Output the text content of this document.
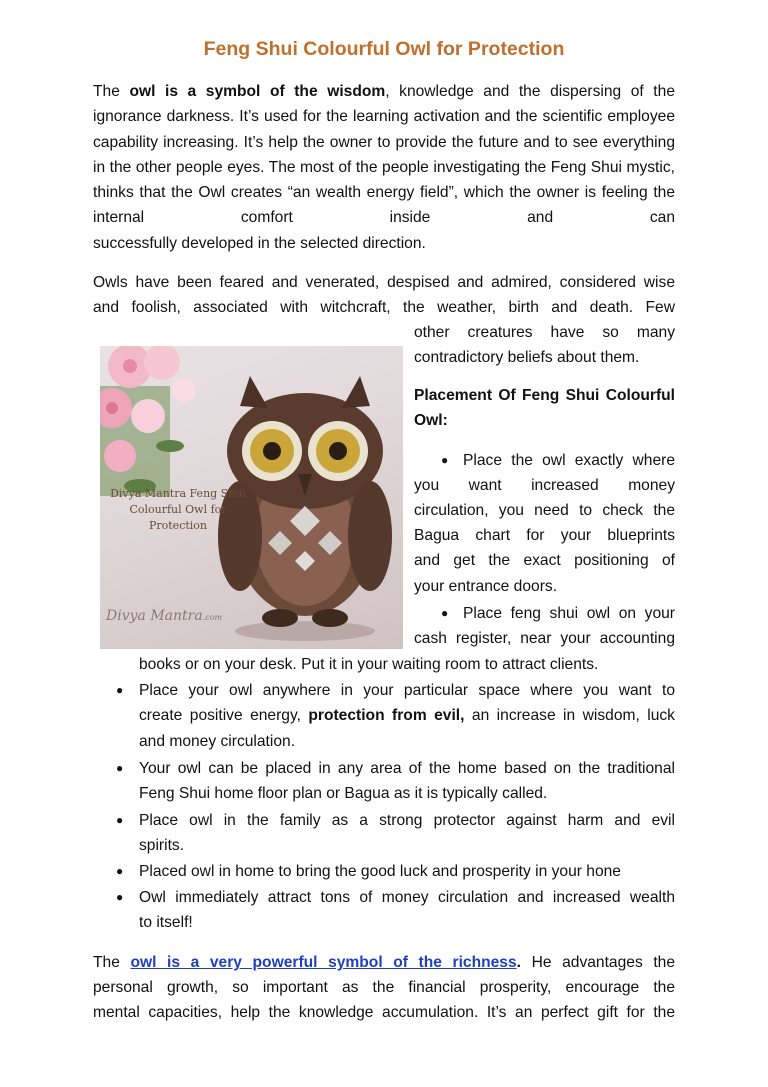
Feng Shui Colourful Owl for Protection

The owl is a symbol of the wisdom, knowledge and the dispersing of the ignorance darkness. It’s used for the learning activation and the scientific employee capability increasing. It’s help the owner to provide the future and to see everything in the other people eyes. The most of the people investigating the Feng Shui mystic, thinks that the Owl creates “an wealth energy field”, which the owner is feeling the internal comfort inside and can
successfully developed in the selected direction.

Owls have been feared and venerated, despised and admired, considered wise
and foolish, associated with witchcraft, the weather, birth and death. Few
other creatures have so many
contradictory beliefs about them.
Divya Mantra Feng Shui
Colourful Owl for Protection
Divya Mantra.com
Placement Of Feng Shui Colourful
Owl:
● Place the owl exactly where
you want increased money
circulation, you need to check the
Bagua chart for your blueprints
and get the exact positioning of
your entrance doors.
● Place feng shui owl on your
cash register, near your accounting
books or on your desk. Put it in your waiting room to attract clients.
● Place your owl anywhere in your particular space where you want to
create positive energy, protection from evil, an increase in wisdom, luck
and money circulation.
● Your owl can be placed in any area of the home based on the traditional
Feng Shui home floor plan or Bagua as it is typically called.
● Place owl in the family as a strong protector against harm and evil
spirits.
● Placed owl in home to bring the good luck and prosperity in your hone
● Owl immediately attract tons of money circulation and increased wealth
to itself!
The owl is a very powerful symbol of the richness. He advantages the
personal growth, so important as the financial prosperity, encourage the
mental capacities, help the knowledge accumulation. It’s an perfect gift for the
